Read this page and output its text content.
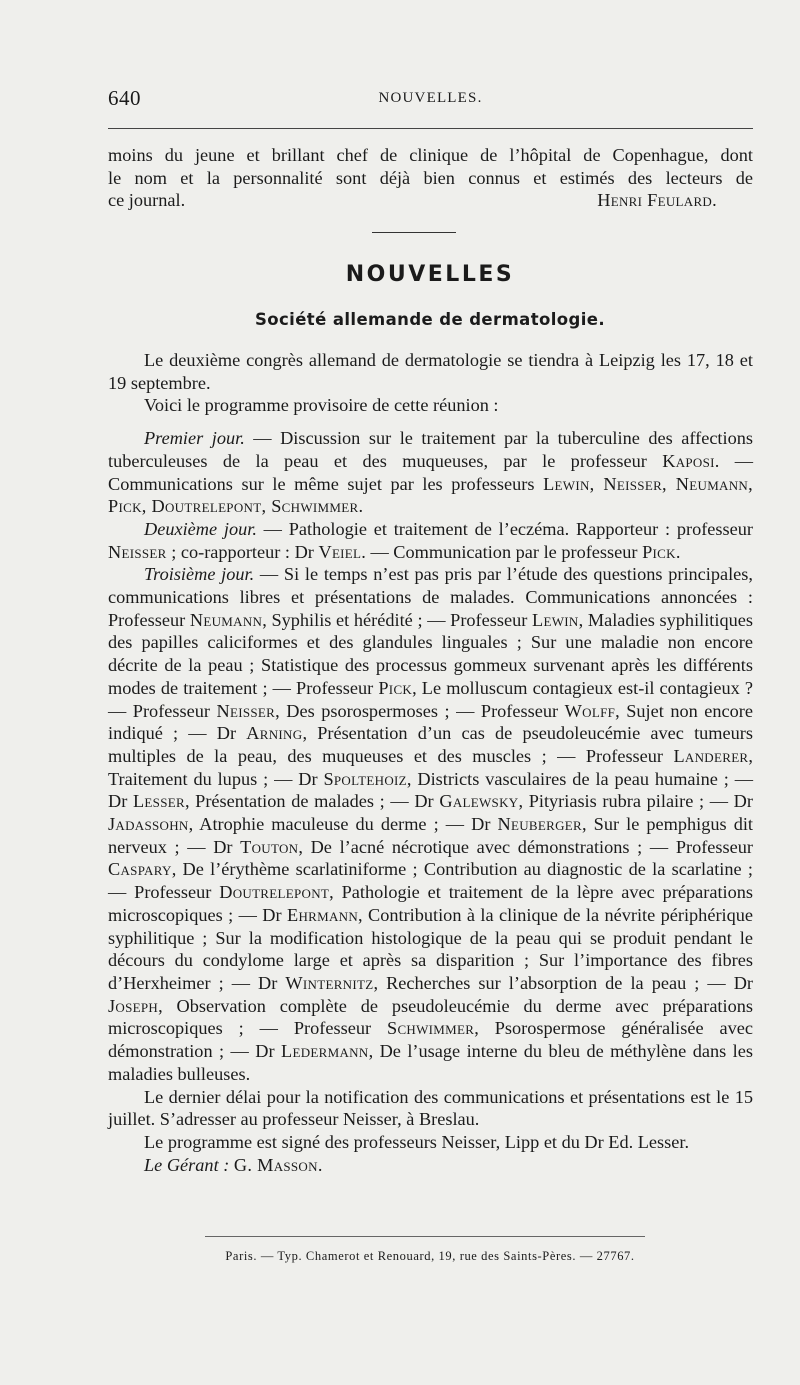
640	NOUVELLES.
moins du jeune et brillant chef de clinique de l’hôpital de Copenhague, dont
le nom et la personnalité sont déjà bien connus et estimés des lecteurs de
ce journal.	Henri Feulard.
NOUVELLES
Société allemande de dermatologie.

Le deuxième congrès allemand de dermatologie se tiendra à Leipzig les 17, 18 et 19 septembre.

Voici le programme provisoire de cette réunion :

Premier jour. — Discussion sur le traitement par la tuberculine des affections tuberculeuses de la peau et des muqueuses, par le professeur Kaposi. — Communications sur le même sujet par les professeurs Lewin, Neisser, Neumann, Pick, Doutrelepont, Schwimmer.

Deuxième jour. — Pathologie et traitement de l’eczéma. Rapporteur : professeur Neisser ; co-rapporteur : Dr Veiel. — Communication par le professeur Pick.

Troisième jour. — Si le temps n’est pas pris par l’étude des questions principales, communications libres et présentations de malades. Communications annoncées : Professeur Neumann, Syphilis et hérédité ; — Professeur Lewin, Maladies syphilitiques des papilles caliciformes et des glandules linguales ; Sur une maladie non encore décrite de la peau ; Statistique des processus gommeux survenant après les différents modes de traitement ; — Professeur Pick, Le molluscum contagieux est-il contagieux ? — Professeur Neisser, Des psorospermoses ; — Professeur Wolff, Sujet non encore indiqué ; — Dr Arning, Présentation d’un cas de pseudoleucémie avec tumeurs multiples de la peau, des muqueuses et des muscles ; — Professeur Landerer, Traitement du lupus ; — Dr Spoltehoiz, Districts vasculaires de la peau humaine ; — Dr Lesser, Présentation de malades ; — Dr Galewsky, Pityriasis rubra pilaire ; — Dr Jadassohn, Atrophie maculeuse du derme ; — Dr Neuberger, Sur le pemphigus dit nerveux ; — Dr Touton, De l’acné nécrotique avec démonstrations ; — Professeur Caspary, De l’érythème scarlatiniforme ; Contribution au diagnostic de la scarlatine ; — Professeur Doutrelepont, Pathologie et traitement de la lèpre avec préparations microscopiques ; — Dr Ehrmann, Contribution à la clinique de la névrite périphérique syphilitique ; Sur la modification histologique de la peau qui se produit pendant le décours du condylome large et après sa disparition ; Sur l’importance des fibres d’Herxheimer ; — Dr Winternitz, Recherches sur l’absorption de la peau ; — Dr Joseph, Observation complète de pseudoleucémie du derme avec préparations microscopiques ; — Professeur Schwimmer, Psorospermose généralisée avec démonstration ; — Dr Ledermann, De l’usage interne du bleu de méthylène dans les maladies bulleuses.

Le dernier délai pour la notification des communications et présentations est le 15 juillet. S’adresser au professeur Neisser, à Breslau.

Le programme est signé des professeurs Neisser, Lipp et du Dr Ed. Lesser.

Le Gérant : G. Masson.

Paris. — Typ. Chamerot et Renouard, 19, rue des Saints-Pères. — 27767.
